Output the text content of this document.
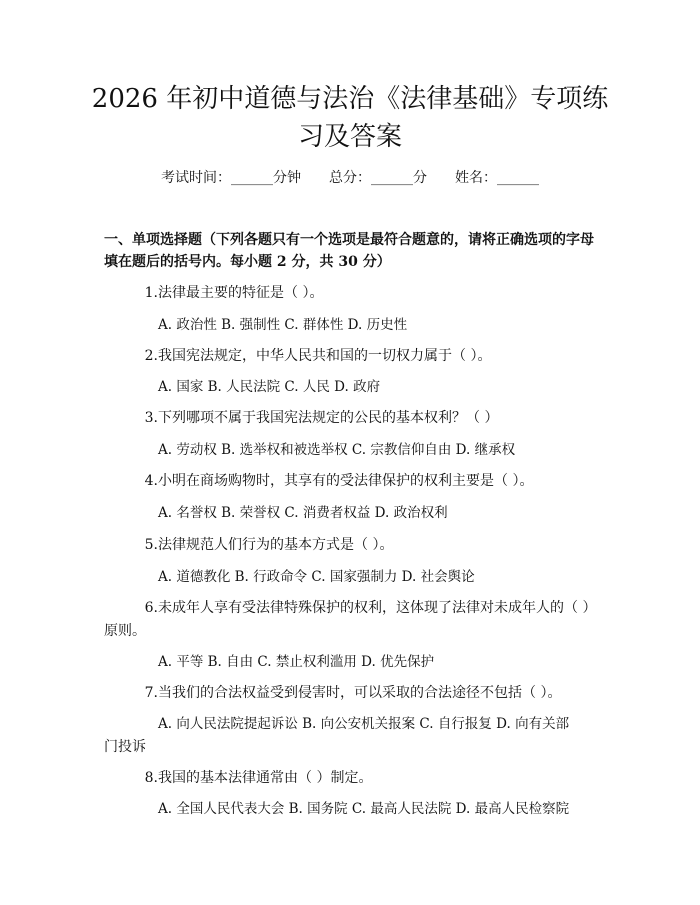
2026 年初中道德与法治《法律基础》专项练
习及答案
考试时间：______分钟 总分：______分 姓名：______

一、单项选择题（下列各题只有一个选项是最符合题意的，请将正确选项的字母
填在题后的括号内。每小题 2 分，共 30 分）

1. 法律最主要的特征是（ ）。
A. 政治性 B. 强制性 C. 群体性 D. 历史性
2. 我国宪法规定，中华人民共和国的一切权力属于（ ）。
A. 国家 B. 人民法院 C. 人民 D. 政府
3. 下列哪项不属于我国宪法规定的公民的基本权利？（ ）
A. 劳动权 B. 选举权和被选举权 C. 宗教信仰自由 D. 继承权
4. 小明在商场购物时，其享有的受法律保护的权利主要是（ ）。
A. 名誉权 B. 荣誉权 C. 消费者权益 D. 政治权利
5. 法律规范人们行为的基本方式是（ ）。
A. 道德教化 B. 行政命令 C. 国家强制力 D. 社会舆论
6. 未成年人享有受法律特殊保护的权利，这体现了法律对未成年人的（ ）
原则。
A. 平等 B. 自由 C. 禁止权利滥用 D. 优先保护
7. 当我们的合法权益受到侵害时，可以采取的合法途径不包括（ ）。
A. 向人民法院提起诉讼 B. 向公安机关报案 C. 自行报复 D. 向有关部
门投诉
8. 我国的基本法律通常由（ ）制定。
A. 全国人民代表大会 B. 国务院 C. 最高人民法院 D. 最高人民检察院
